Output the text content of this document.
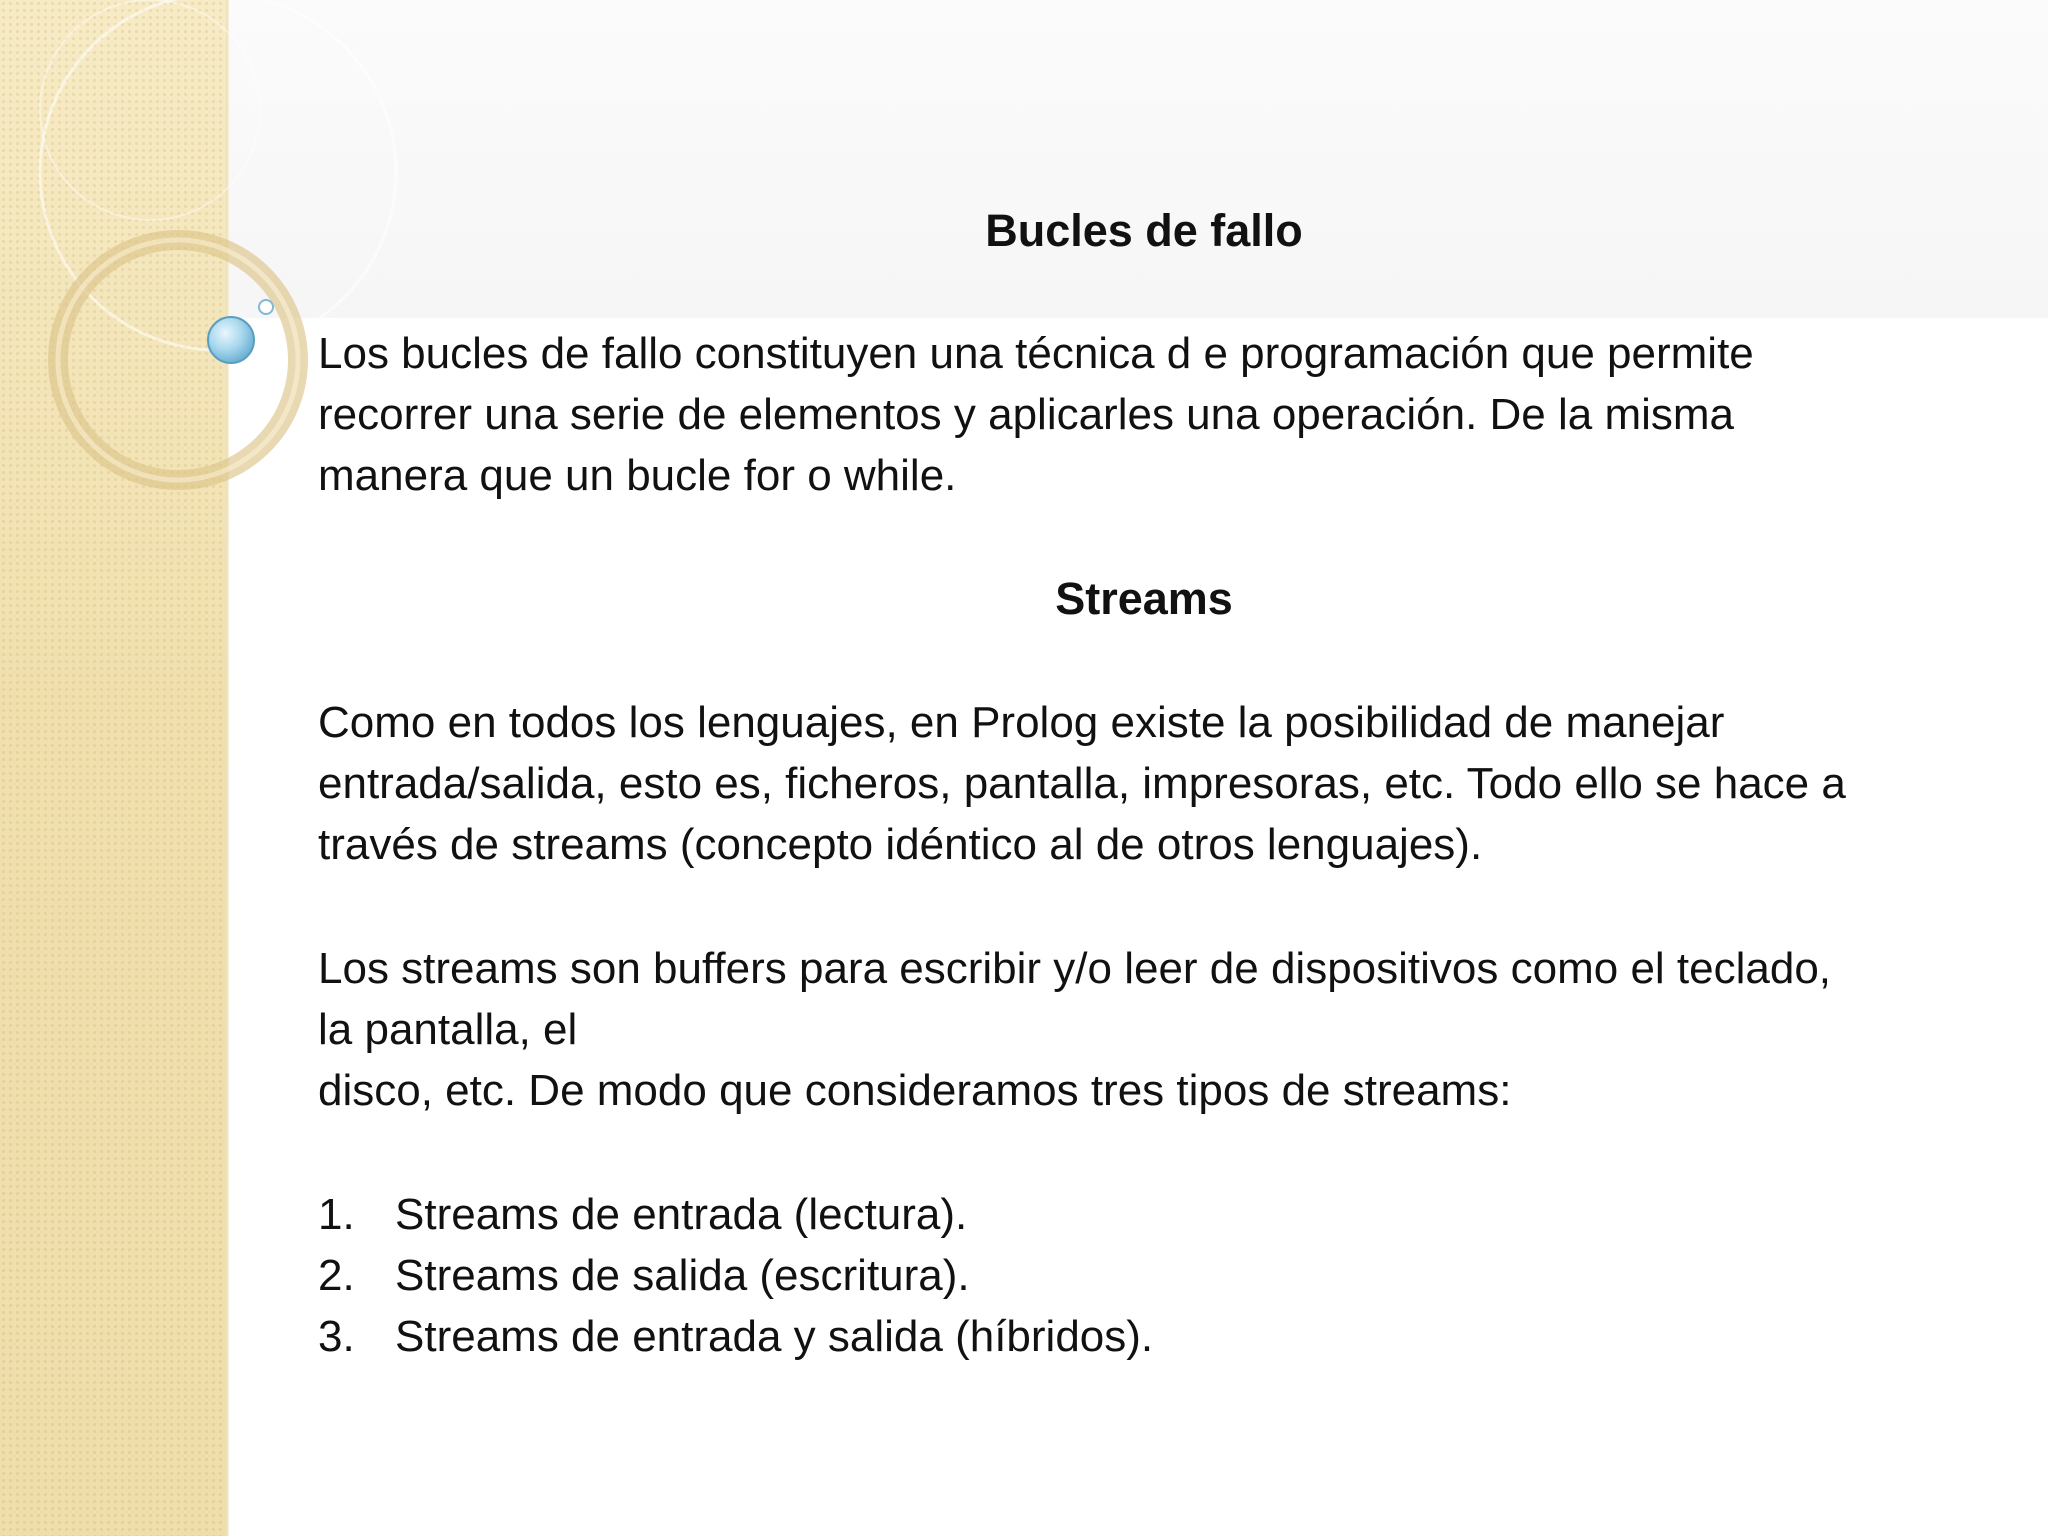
Bucles de fallo
Los bucles de fallo constituyen una técnica d e programación que permite
recorrer una serie de elementos y aplicarles una operación. De la misma
manera que un bucle for o while.
Streams
Como en todos los lenguajes, en Prolog existe la posibilidad de manejar
entrada/salida, esto es, ficheros, pantalla, impresoras, etc. Todo ello se hace a
través de streams (concepto idéntico al de otros lenguajes).
Los streams son buffers para escribir y/o leer de dispositivos como el teclado,
la pantalla, el
disco, etc. De modo que consideramos tres tipos de streams:
1. Streams de entrada (lectura).
2. Streams de salida (escritura).
3. Streams de entrada y salida (híbridos).
